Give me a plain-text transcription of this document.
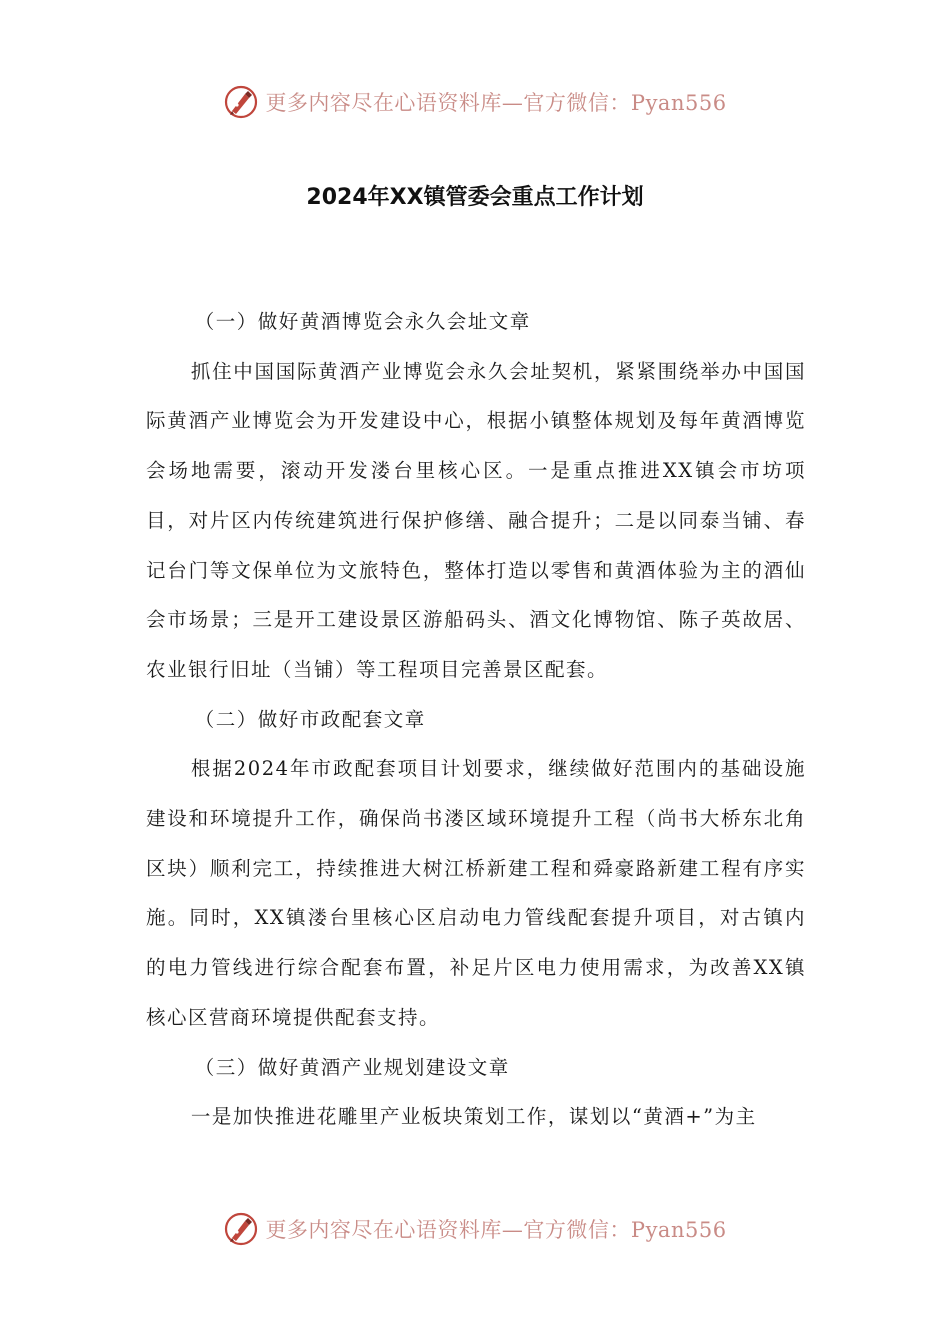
更多内容尽在心语资料库—官方微信：Pyan556
2024年XX镇管委会重点工作计划

（一）做好黄酒博览会永久会址文章

抓住中国国际黄酒产业博览会永久会址契机，紧紧围绕举办中国国际黄酒产业博览会为开发建设中心，根据小镇整体规划及每年黄酒博览会场地需要，滚动开发溇台里核心区。一是重点推进XX镇会市坊项目，对片区内传统建筑进行保护修缮、融合提升；二是以同泰当铺、春记台门等文保单位为文旅特色，整体打造以零售和黄酒体验为主的酒仙会市场景；三是开工建设景区游船码头、酒文化博物馆、陈子英故居、农业银行旧址（当铺）等工程项目完善景区配套。

（二）做好市政配套文章

根据2024年市政配套项目计划要求，继续做好范围内的基础设施建设和环境提升工作，确保尚书溇区域环境提升工程（尚书大桥东北角区块）顺利完工，持续推进大树江桥新建工程和舜豪路新建工程有序实施。同时，XX镇溇台里核心区启动电力管线配套提升项目，对古镇内的电力管线进行综合配套布置，补足片区电力使用需求，为改善XX镇核心区营商环境提供配套支持。

（三）做好黄酒产业规划建设文章

一是加快推进花雕里产业板块策划工作，谋划以“黄酒+”为主

更多内容尽在心语资料库—官方微信：Pyan556
